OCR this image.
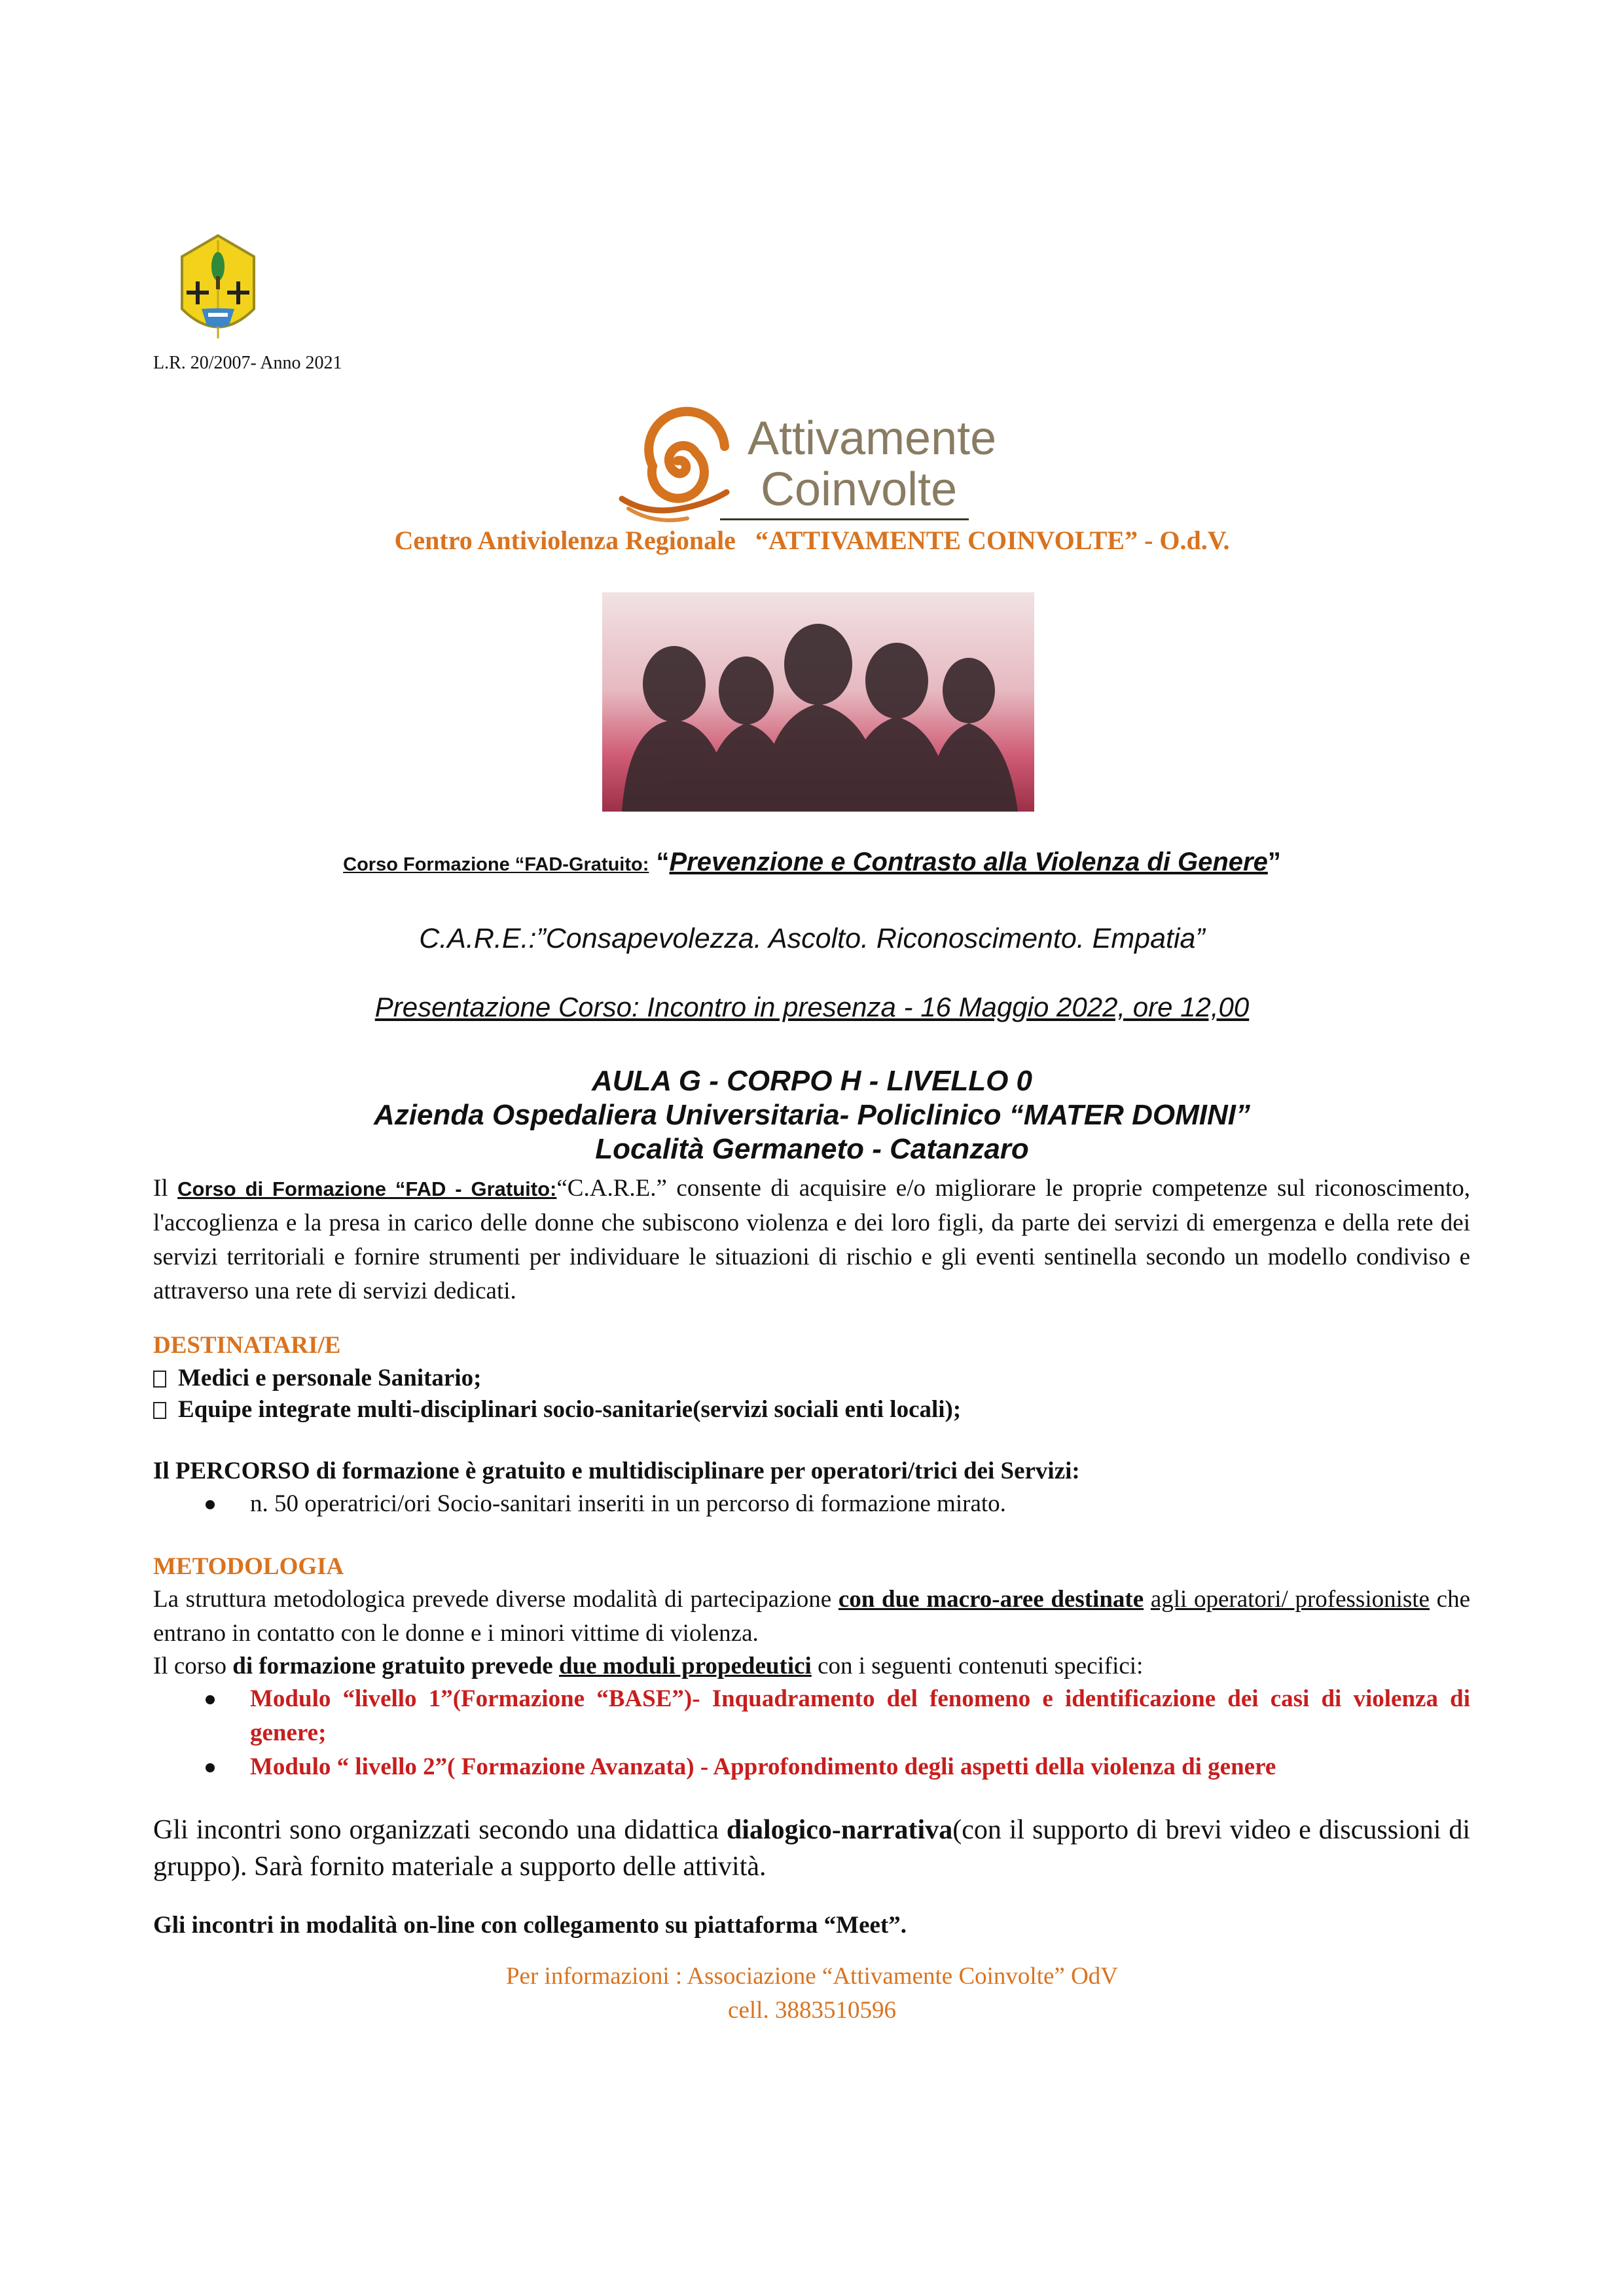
L.R. 20/2007- Anno 2021
Attivamente
Coinvolte
Centro Antiviolenza Regionale   “ATTIVAMENTE COINVOLTE” - O.d.V.
Corso Formazione “FAD-Gratuito: “Prevenzione e Contrasto alla Violenza di Genere”
C.A.R.E.:”Consapevolezza. Ascolto. Riconoscimento. Empatia”
Presentazione Corso: Incontro in presenza - 16 Maggio 2022, ore 12,00
AULA G - CORPO H - LIVELLO 0
Azienda Ospedaliera Universitaria- Policlinico “MATER DOMINI”
Località Germaneto - Catanzaro
Il Corso di Formazione “FAD - Gratuito:“C.A.R.E.” consente di acquisire e/o migliorare le proprie competenze sul riconoscimento, l'accoglienza e la presa in carico delle donne che subiscono violenza e dei loro figli, da parte dei servizi di emergenza e della rete dei servizi territoriali e fornire strumenti per individuare le situazioni di rischio e gli eventi sentinella secondo un modello condiviso e attraverso una rete di servizi dedicati.
DESTINATARI/E
Medici e personale Sanitario;
Equipe integrate multi-disciplinari socio-sanitarie(servizi sociali enti locali);
Il PERCORSO di formazione è gratuito e multidisciplinare per operatori/trici dei Servizi:
n. 50 operatrici/ori Socio-sanitari inseriti in un percorso di formazione mirato.
METODOLOGIA
La struttura metodologica prevede diverse modalità di partecipazione con due macro-aree destinate agli operatori/ professioniste che entrano in contatto con le donne e i minori vittime di violenza.
Il corso di formazione gratuito prevede due moduli propedeutici con i seguenti contenuti specifici:
Modulo “livello 1”(Formazione “BASE”)- Inquadramento del fenomeno e identificazione dei casi di violenza di genere;
Modulo “ livello 2”( Formazione Avanzata) - Approfondimento degli aspetti della violenza di genere
Gli incontri sono organizzati secondo una didattica dialogico-narrativa(con il supporto di brevi video e discussioni di gruppo). Sarà fornito materiale a supporto delle attività.
Gli incontri in modalità on-line con collegamento su piattaforma “Meet”.
Per informazioni : Associazione “Attivamente Coinvolte” OdV
cell. 3883510596
